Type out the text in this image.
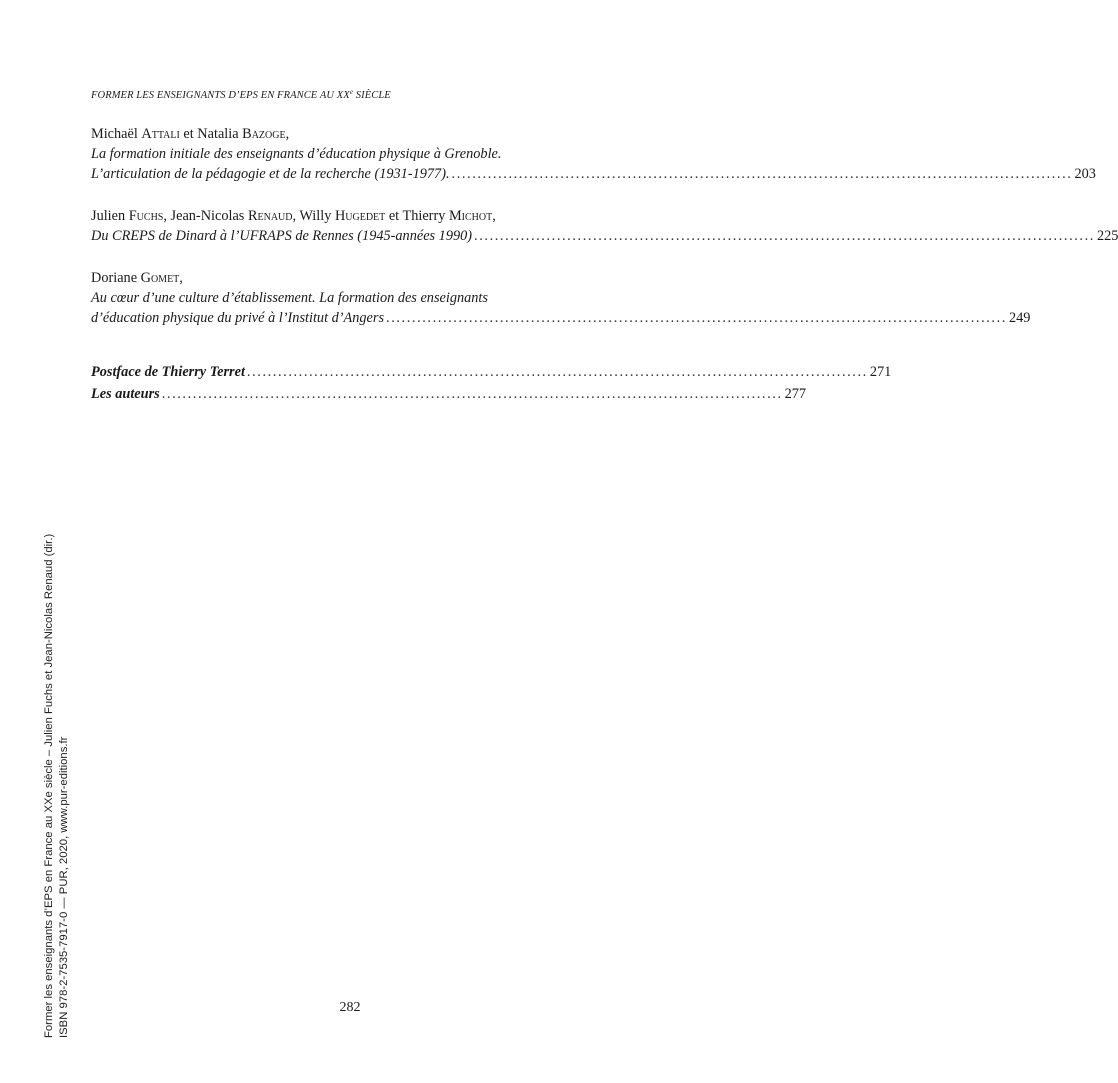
FORMER LES ENSEIGNANTS D’EPS EN FRANCE AU XXe SIÈCLE
Michaël Attali et Natalia Bazoge,
La formation initiale des enseignants d’éducation physique à Grenoble.
L’articulation de la pédagogie et de la recherche (1931-1977). ........................................................................................................................ 203
Julien Fuchs, Jean-Nicolas Renaud, Willy Hugedet et Thierry Michot,
Du CREPS de Dinard à l’UFRAPS de Rennes (1945-années 1990) ........................................................................................................................ 225
Doriane Gomet,
Au cœur d’une culture d’établissement. La formation des enseignants
d’éducation physique du privé à l’Institut d’Angers ........................................................................................................................ 249
Postface de Thierry Terret ........................................................................................................................ 271
Les auteurs ........................................................................................................................ 277
Former les enseignants d’EPS en France au XXe siècle – Julien Fuchs et Jean-Nicolas Renaud (dir.) ISBN 978-2-7535-7917-0 — PUR, 2020, www.pur-editions.fr	282
